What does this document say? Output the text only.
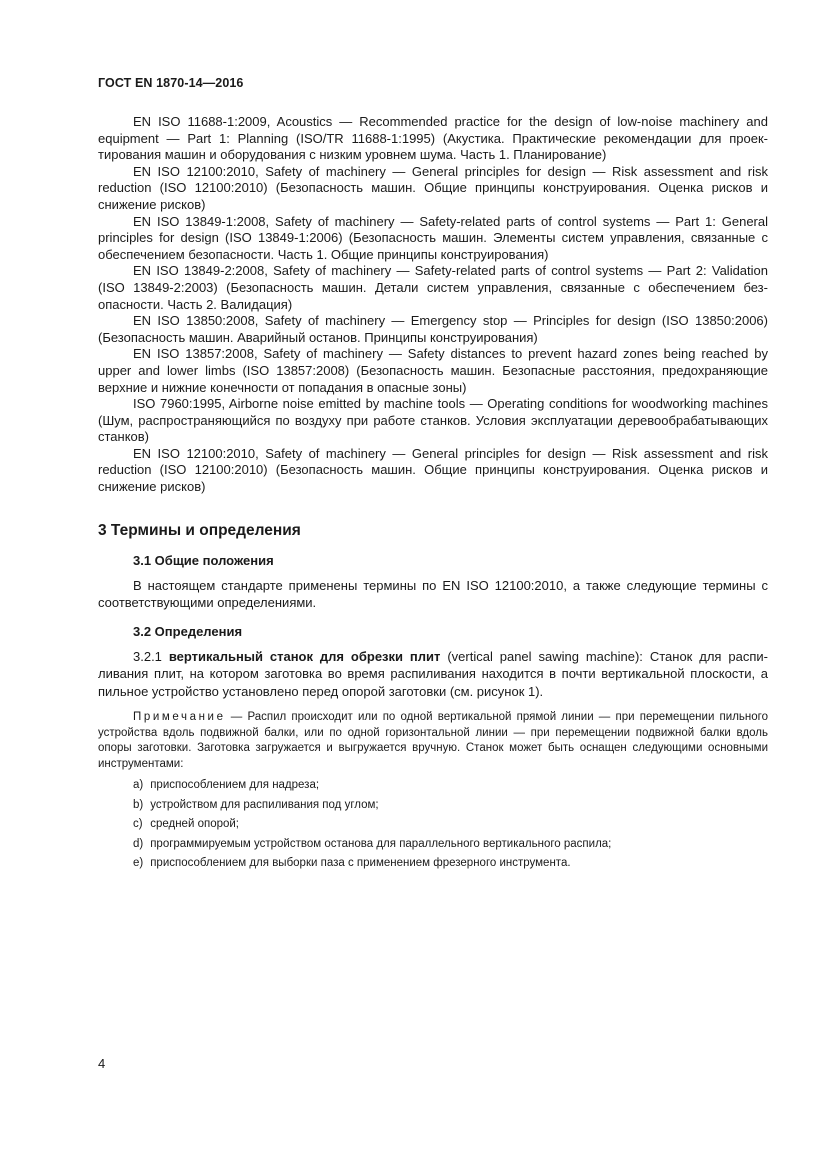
ГОСТ EN 1870-14—2016

EN ISO 11688-1:2009, Acoustics — Recommended practice for the design of low-noise machinery and equipment — Part 1: Planning (ISO/TR 11688-1:1995) (Акустика. Практические рекомендации для проектирования машин и оборудования с низким уровнем шума. Часть 1. Планирование)

EN ISO 12100:2010, Safety of machinery — General principles for design — Risk assessment and risk reduction (ISO 12100:2010) (Безопасность машин. Общие принципы конструирования. Оценка рисков и снижение рисков)

EN ISO 13849-1:2008, Safety of machinery — Safety-related parts of control systems — Part 1: General principles for design (ISO 13849-1:2006) (Безопасность машин. Элементы систем управления, связанные с обеспечением безопасности. Часть 1. Общие принципы конструирования)

EN ISO 13849-2:2008, Safety of machinery — Safety-related parts of control systems — Part 2: Validation (ISO 13849-2:2003) (Безопасность машин. Детали систем управления, связанные с обеспечением безопасности. Часть 2. Валидация)

EN ISO 13850:2008, Safety of machinery — Emergency stop — Principles for design (ISO 13850:2006) (Безопасность машин. Аварийный останов. Принципы конструирования)

EN ISO 13857:2008, Safety of machinery — Safety distances to prevent hazard zones being reached by upper and lower limbs (ISO 13857:2008) (Безопасность машин. Безопасные расстояния, предохраняющие верхние и нижние конечности от попадания в опасные зоны)

ISO 7960:1995, Airborne noise emitted by machine tools — Operating conditions for woodworking machines (Шум, распространяющийся по воздуху при работе станков. Условия эксплуатации деревообрабатывающих станков)

EN ISO 12100:2010, Safety of machinery — General principles for design — Risk assessment and risk reduction (ISO 12100:2010) (Безопасность машин. Общие принципы конструирования. Оценка рисков и снижение рисков)

3 Термины и определения
3.1 Общие положения

В настоящем стандарте применены термины по EN ISO 12100:2010, а также следующие термины с соответствующими определениями.

3.2 Определения

3.2.1 вертикальный станок для обрезки плит (vertical panel sawing machine): Станок для распиливания плит, на котором заготовка во время распиливания находится в почти вертикальной плоскости, а пильное устройство установлено перед опорой заготовки (см. рисунок 1).

Примечание — Распил происходит или по одной вертикальной прямой линии — при перемещении пильного устройства вдоль подвижной балки, или по одной горизонтальной линии — при перемещении подвижной балки вдоль опоры заготовки. Заготовка загружается и выгружается вручную. Станок может быть оснащен следующими основными инструментами:

a) приспособлением для надреза;
b) устройством для распиливания под углом;
c) средней опорой;
d) программируемым устройством останова для параллельного вертикального распила;
e) приспособлением для выборки паза с применением фрезерного инструмента.
4
